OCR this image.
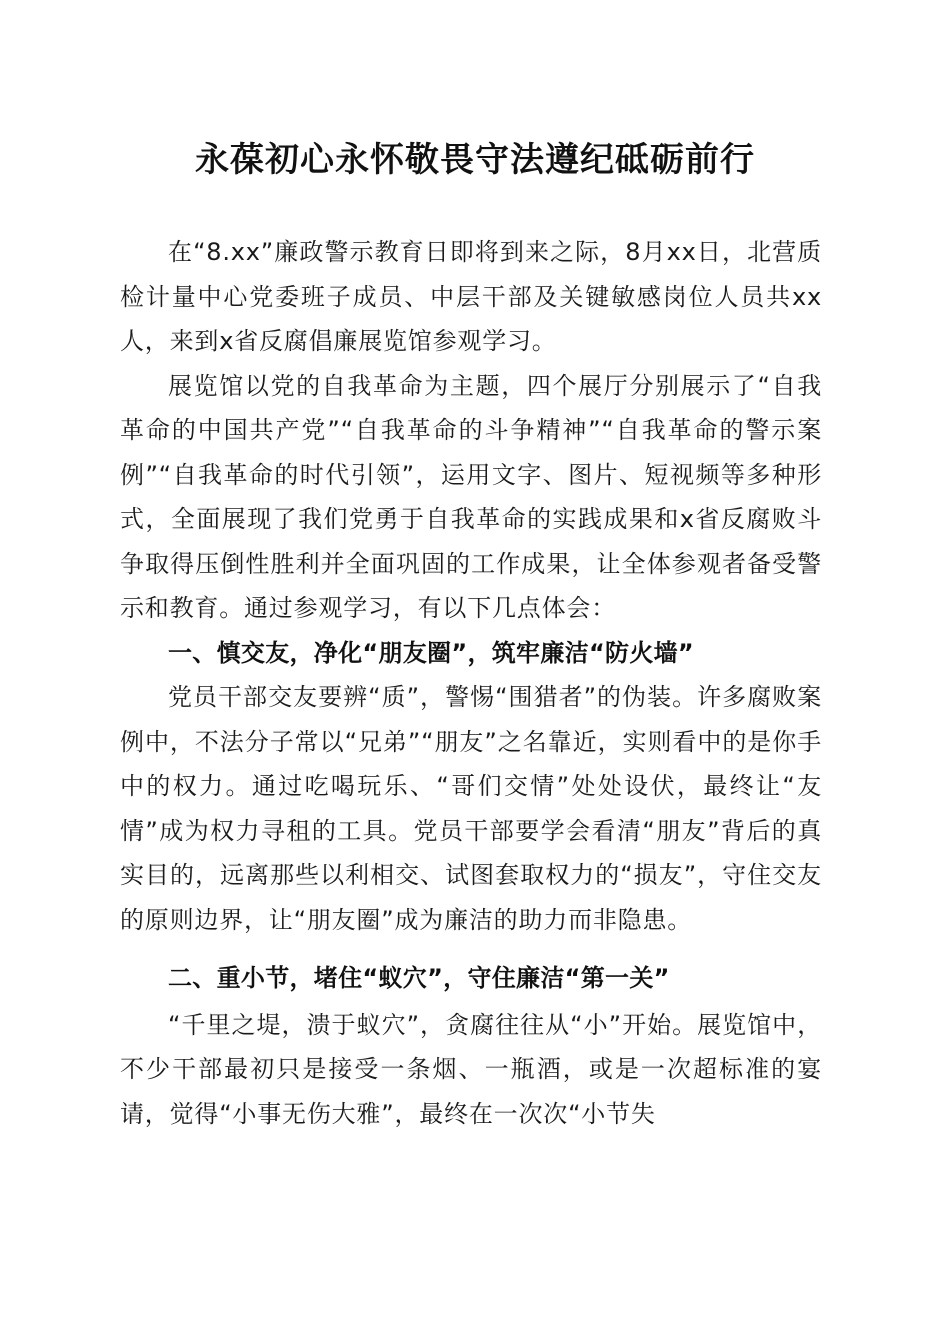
永葆初心永怀敬畏守法遵纪砥砺前行

在“8.xx”廉政警示教育日即将到来之际，8月xx日，北营质检计量中心党委班子成员、中层干部及关键敏感岗位人员共xx人，来到x省反腐倡廉展览馆参观学习。

展览馆以党的自我革命为主题，四个展厅分别展示了“自我革命的中国共产党”“自我革命的斗争精神”“自我革命的警示案例”“自我革命的时代引领”，运用文字、图片、短视频等多种形式，全面展现了我们党勇于自我革命的实践成果和x省反腐败斗争取得压倒性胜利并全面巩固的工作成果，让全体参观者备受警示和教育。通过参观学习，有以下几点体会：

一、慎交友，净化“朋友圈”，筑牢廉洁“防火墙”

党员干部交友要辨“质”，警惕“围猎者”的伪装。许多腐败案例中，不法分子常以“兄弟”“朋友”之名靠近，实则看中的是你手中的权力。通过吃喝玩乐、“哥们交情”处处设伏，最终让“友情”成为权力寻租的工具。党员干部要学会看清“朋友”背后的真实目的，远离那些以利相交、试图套取权力的“损友”，守住交友的原则边界，让“朋友圈”成为廉洁的助力而非隐患。

二、重小节，堵住“蚁穴”，守住廉洁“第一关”

“千里之堤，溃于蚁穴”，贪腐往往从“小”开始。展览馆中，不少干部最初只是接受一条烟、一瓶酒，或是一次超标准的宴请，觉得“小事无伤大雅”，最终在一次次“小节失
